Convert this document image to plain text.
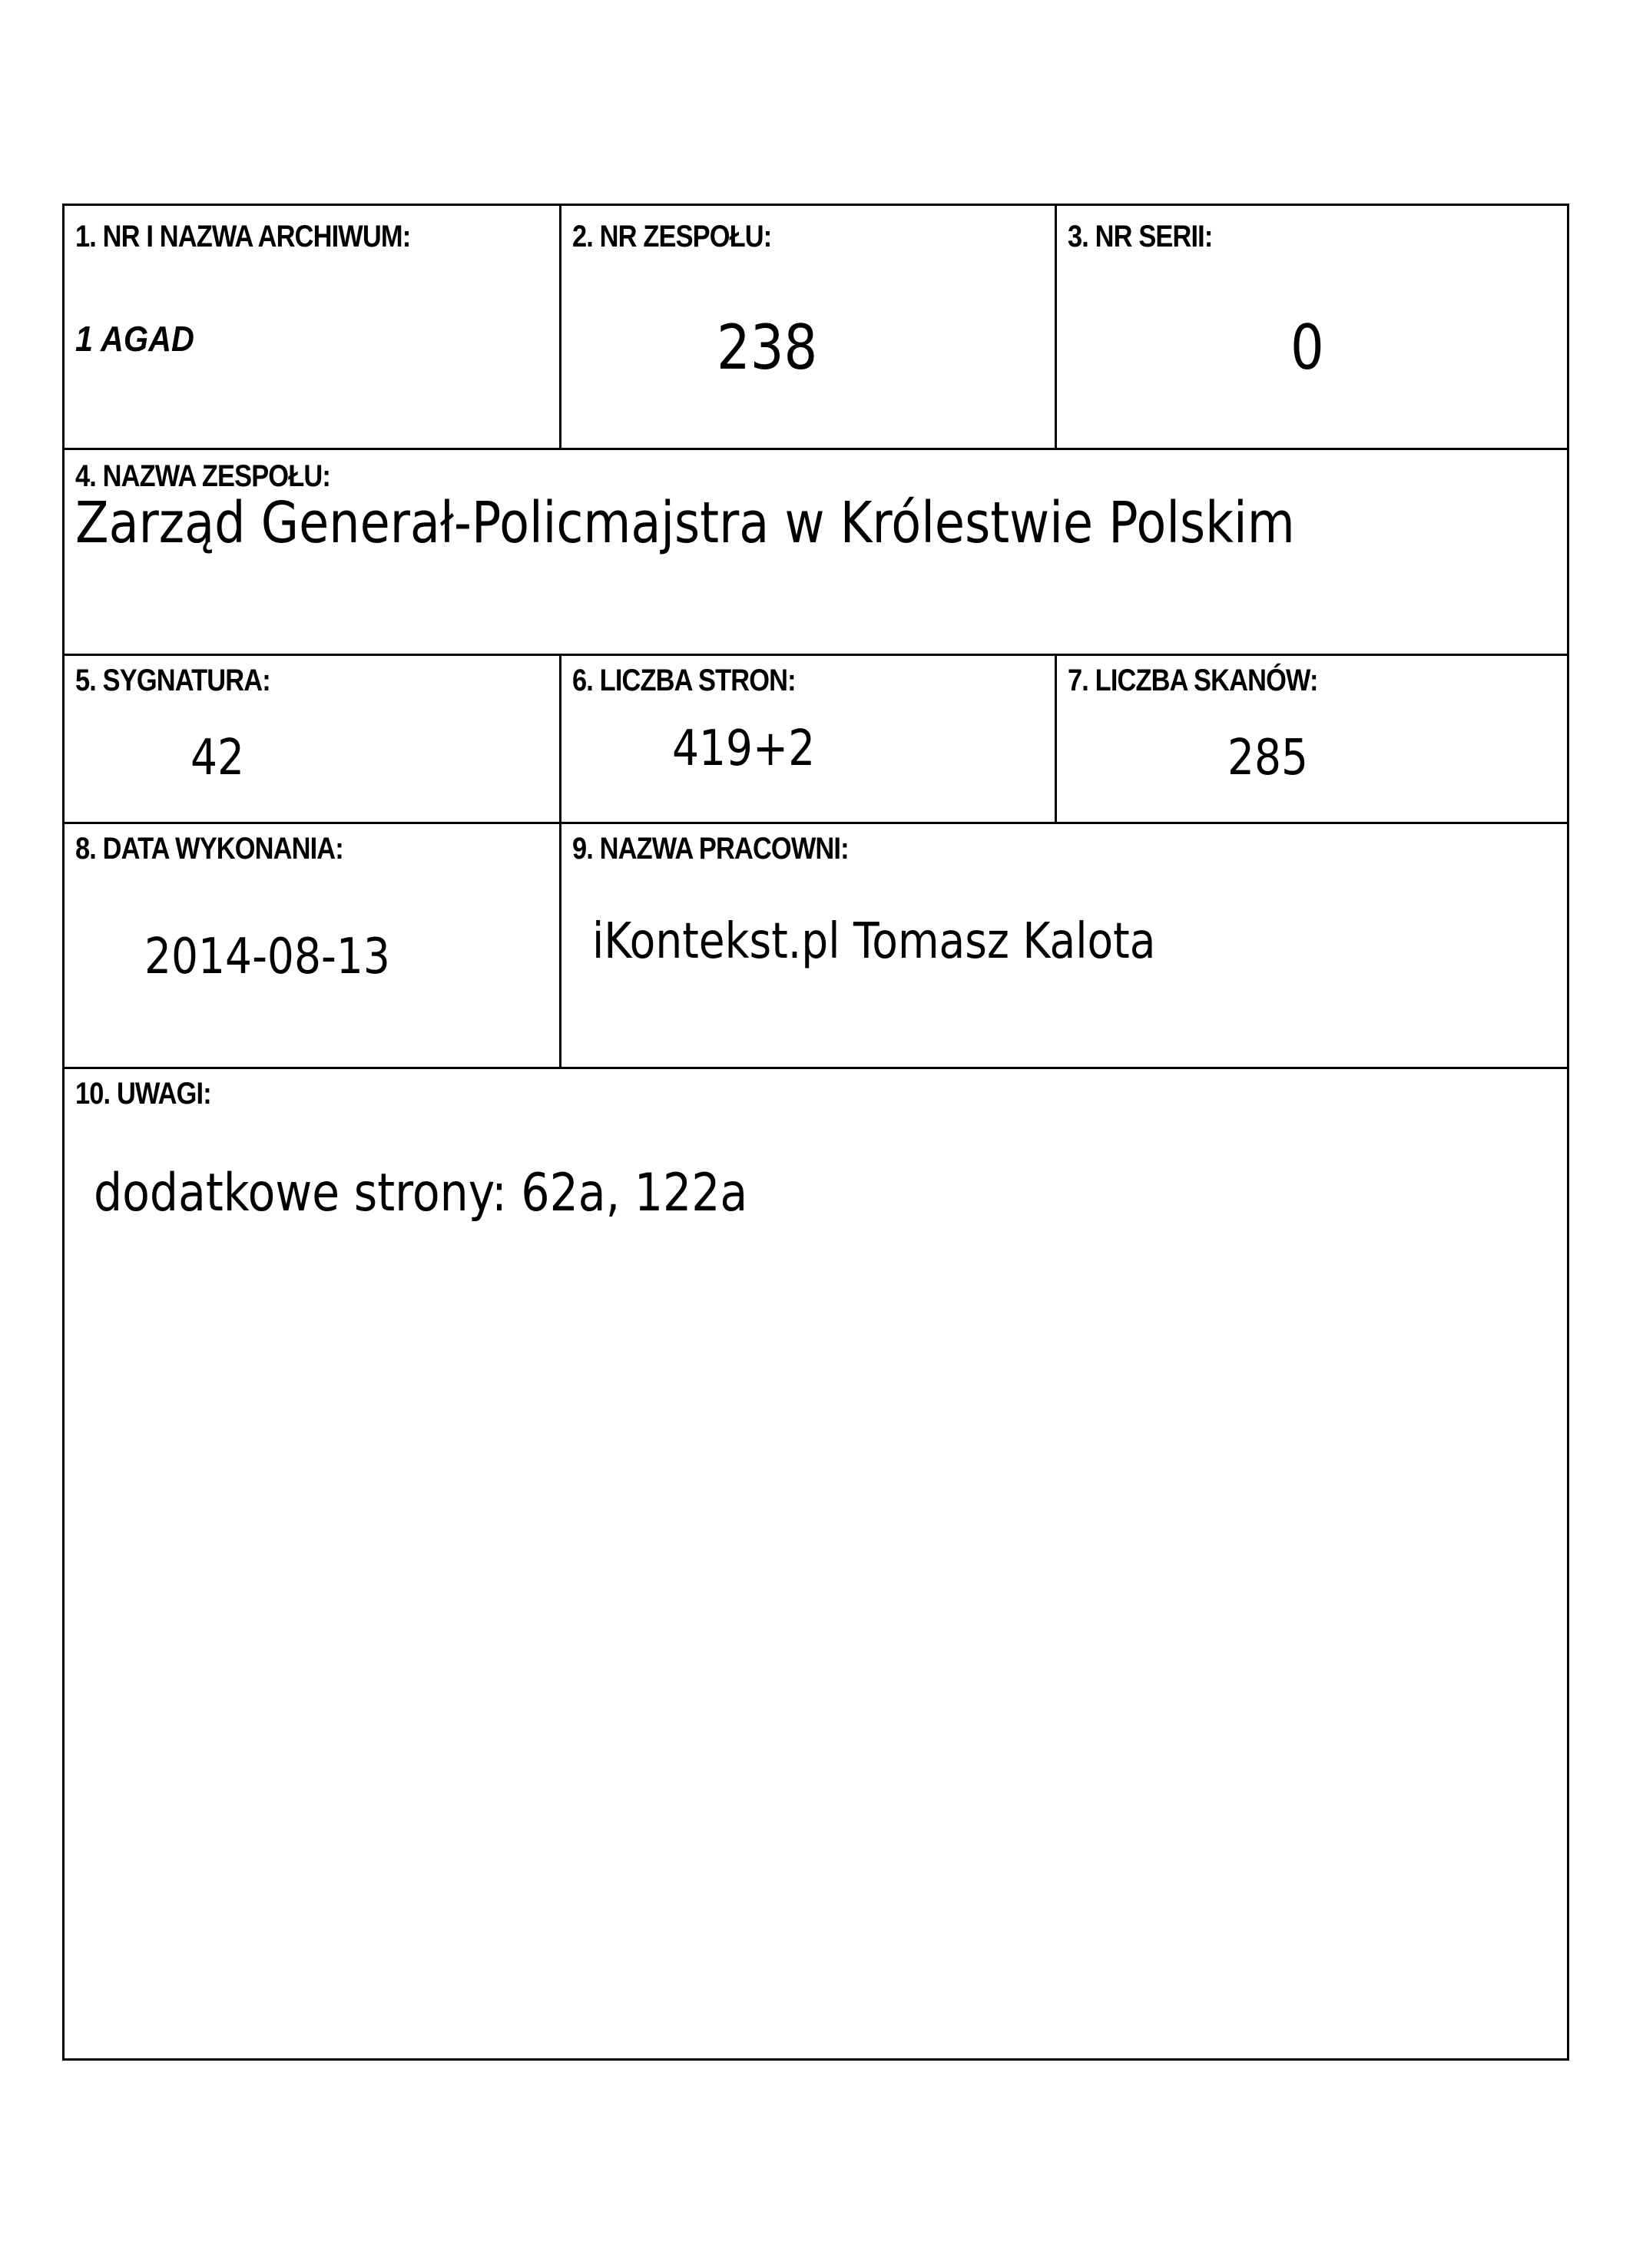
1. NR I NAZWA ARCHIWUM:
1 AGAD
2. NR ZESPOŁU:
238
3. NR SERII:
0
4. NAZWA ZESPOŁU:
Zarząd Generał-Policmajstra w Królestwie Polskim
5. SYGNATURA:
42
6. LICZBA STRON:
419+2
7. LICZBA SKANÓW:
285
8. DATA WYKONANIA:
2014-08-13
9. NAZWA PRACOWNI:
iKontekst.pl Tomasz Kalota
10. UWAGI:
dodatkowe strony: 62a, 122a
